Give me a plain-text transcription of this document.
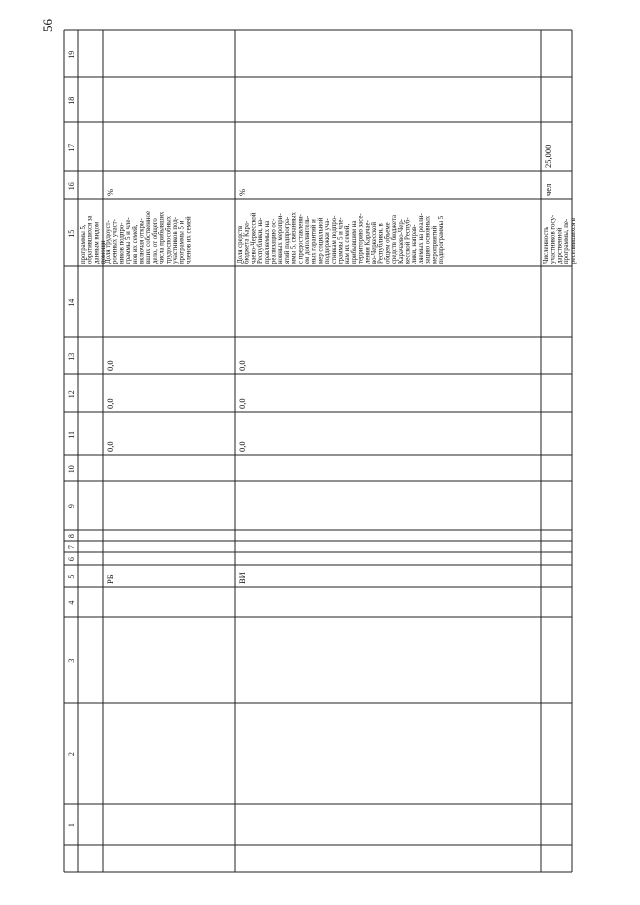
1
2
3
4
5
6
7
8
9
10
11
12
13
14
15
16
17
18
19
программы 5, обратившихся за данным видом помощи
РБ
0,0
0,0
0,0
%
Доля трудоуст- роенных участ- ников подпро- граммы 5 и чле- нов их семей, включая откры- вших собственное дело, от общего числа прибывших трудоспособных участников под- программы 5 и членов их семей
ВИ
0,0
0,0
0,0
%
Доля средств бюджета Кара- чаево-Черкесской Республики, на- правляемых на реализацию ос- новных меропри- ятий подпрогра- ммы 5, связанных с предоставлени- ем дополнитель- ных гарантий и мер социальной поддержки уча- стникам подпро- граммы 5 и чле- нам их семей, прибывшим на территорию засе- ления Карачае- во-Черкесской Республики, в общем объеме средств бюджета Карачаево-Чер- кесской Респуб- лики, направ- ляемых на реали- зацию основных мероприятий подпрограммы 5
чел
25,000
Численность участников госу- дарственной программы, пе- реселившихся в
56
